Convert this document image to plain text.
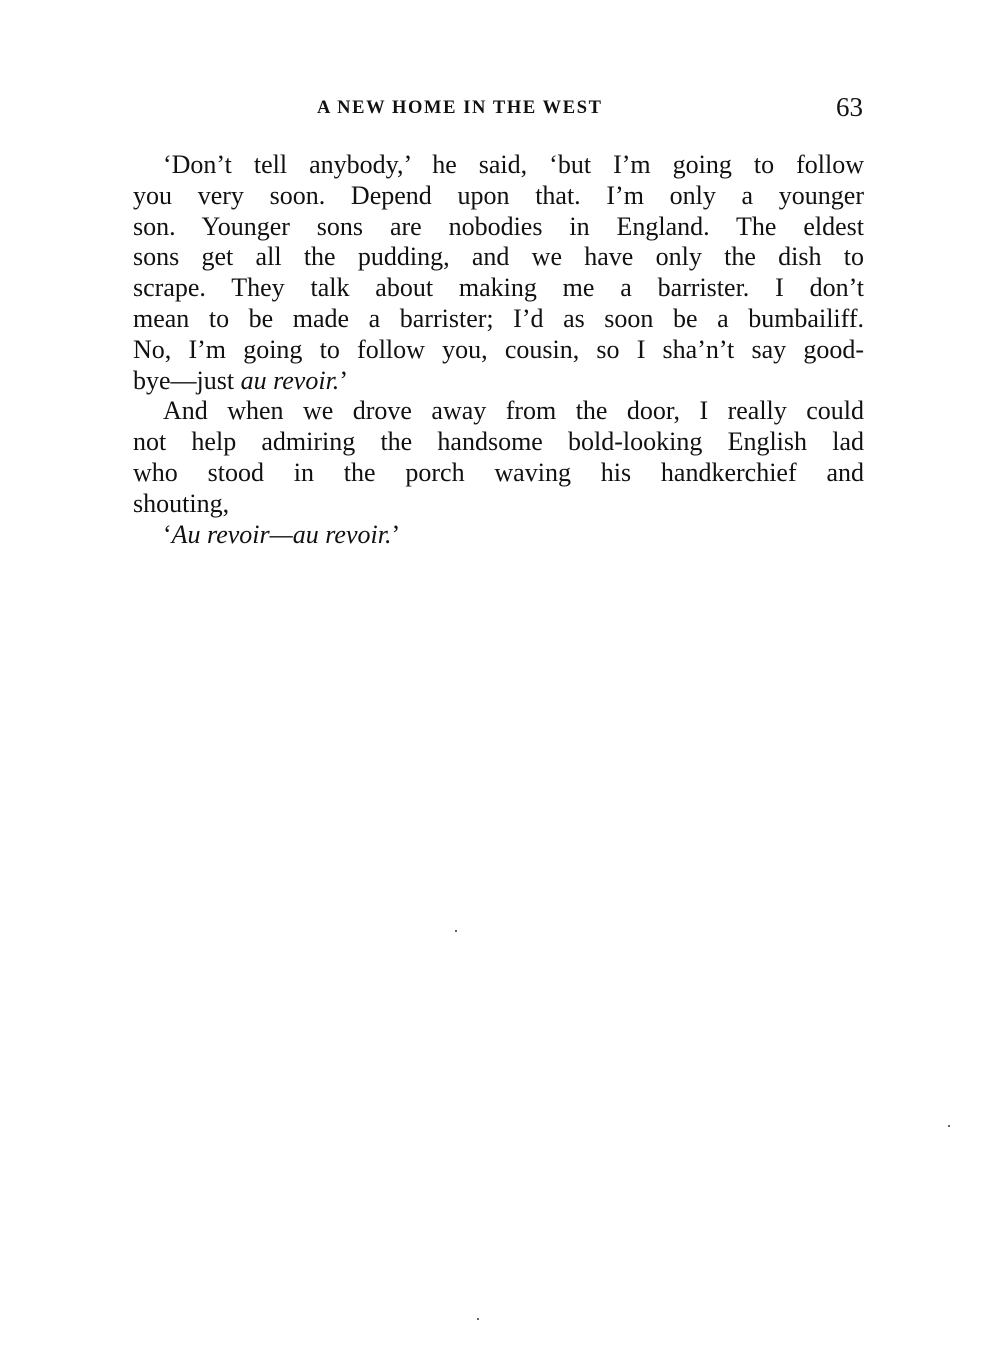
A NEW HOME IN THE WEST	63
‘Don’t tell anybody,’ he said, ‘but I’m going to follow
you very soon. Depend upon that. I’m only a younger
son. Younger sons are nobodies in England. The eldest
sons get all the pudding, and we have only the dish to
scrape. They talk about making me a barrister. I don’t
mean to be made a barrister; I’d as soon be a bumbailiff.
No, I’m going to follow you, cousin, so I sha’n’t say good-
bye—just au revoir.’
And when we drove away from the door, I really could
not help admiring the handsome bold-looking English lad
who stood in the porch waving his handkerchief and
shouting,
‘Au revoir—au revoir.’
